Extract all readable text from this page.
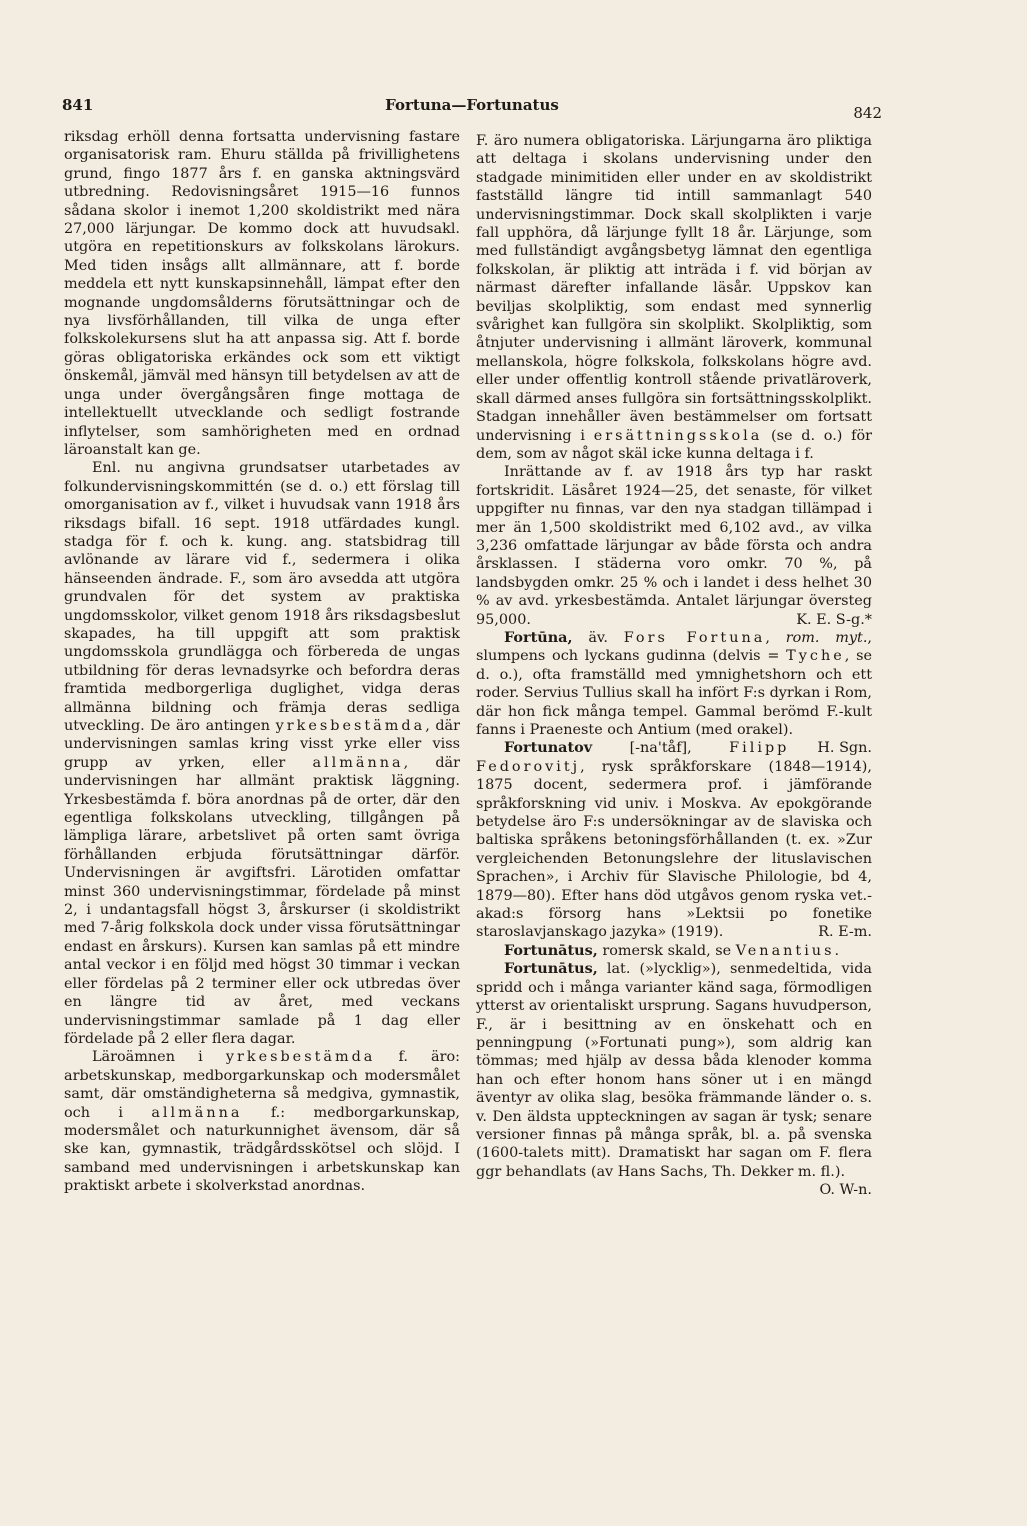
841	Fortuna—Fortunatus	842

riksdag erhöll denna fortsatta undervisning fastare organisatorisk ram. Ehuru ställda på frivillighetens grund, fingo 1877 års f. en ganska aktningsvärd utbredning. Redovisningsåret 1915—16 funnos sådana skolor i inemot 1,200 skoldistrikt med nära 27,000 lärjungar. De kommo dock att huvudsakl. utgöra en repetitionskurs av folkskolans lärokurs. Med tiden insågs allt allmännare, att f. borde meddela ett nytt kunskapsinnehåll, lämpat efter den mognande ungdomsålderns förutsättningar och de nya livsförhållanden, till vilka de unga efter folkskolekursens slut ha att anpassa sig. Att f. borde göras obligatoriska erkändes ock som ett viktigt önskemål, jämväl med hänsyn till betydelsen av att de unga under övergångsåren finge mottaga de intellektuellt utvecklande och sedligt fostrande inflytelser, som samhörigheten med en ordnad läroanstalt kan ge.

Enl. nu angivna grundsatser utarbetades av folkundervisningskommittén (se d. o.) ett förslag till omorganisation av f., vilket i huvudsak vann 1918 års riksdags bifall. 16 sept. 1918 utfärdades kungl. stadga för f. och k. kung. ang. statsbidrag till avlönande av lärare vid f., sedermera i olika hänseenden ändrade. F., som äro avsedda att utgöra grundvalen för det system av praktiska ungdomsskolor, vilket genom 1918 års riksdagsbeslut skapades, ha till uppgift att som praktisk ungdomsskola grundlägga och förbereda de ungas utbildning för deras levnadsyrke och befordra deras framtida medborgerliga duglighet, vidga deras allmänna bildning och främja deras sedliga utveckling. De äro antingen yrkesbestämda, där undervisningen samlas kring visst yrke eller viss grupp av yrken, eller allmänna, där undervisningen har allmänt praktisk läggning. Yrkesbestämda f. böra anordnas på de orter, där den egentliga folkskolans utveckling, tillgången på lämpliga lärare, arbetslivet på orten samt övriga förhållanden erbjuda förutsättningar därför. Undervisningen är avgiftsfri. Lärotiden omfattar minst 360 undervisningstimmar, fördelade på minst 2, i undantagsfall högst 3, årskurser (i skoldistrikt med 7-årig folkskola dock under vissa förutsättningar endast en årskurs). Kursen kan samlas på ett mindre antal veckor i en följd med högst 30 timmar i veckan eller fördelas på 2 terminer eller ock utbredas över en längre tid av året, med veckans undervisningstimmar samlade på 1 dag eller fördelade på 2 eller flera dagar.

Läroämnen i yrkesbestämda f. äro: arbetskunskap, medborgarkunskap och modersmålet samt, där omständigheterna så medgiva, gymnastik, och i allmänna f.: medborgarkunskap, modersmålet och naturkunnighet ävensom, där så ske kan, gymnastik, trädgårdsskötsel och slöjd. I samband med undervisningen i arbetskunskap kan praktiskt arbete i skolverkstad anordnas.

F. äro numera obligatoriska. Lärjungarna äro pliktiga att deltaga i skolans undervisning under den stadgade minimitiden eller under en av skoldistrikt fastställd längre tid intill sammanlagt 540 undervisningstimmar. Dock skall skolplikten i varje fall upphöra, då lärjunge fyllt 18 år. Lärjunge, som med fullständigt avgångsbetyg lämnat den egentliga folkskolan, är pliktig att inträda i f. vid början av närmast därefter infallande läsår. Uppskov kan beviljas skolpliktig, som endast med synnerlig svårighet kan fullgöra sin skolplikt. Skolpliktig, som åtnjuter undervisning i allmänt läroverk, kommunal mellanskola, högre folkskola, folkskolans högre avd. eller under offentlig kontroll stående privatläroverk, skall därmed anses fullgöra sin fortsättningsskolplikt. Stadgan innehåller även bestämmelser om fortsatt undervisning i ersättningsskola (se d. o.) för dem, som av något skäl icke kunna deltaga i f.

Inrättande av f. av 1918 års typ har raskt fortskridit. Läsåret 1924—25, det senaste, för vilket uppgifter nu finnas, var den nya stadgan tillämpad i mer än 1,500 skoldistrikt med 6,102 avd., av vilka 3,236 omfattade lärjungar av både första och andra årsklassen. I städerna voro omkr. 70 %, på landsbygden omkr. 25 % och i landet i dess helhet 30 % av avd. yrkesbestämda. Antalet lärjungar översteg 95,000.	K. E. S-g.*

Fortūna, äv. Fors Fortuna, rom. myt., slumpens och lyckans gudinna (delvis = Tyche, se d. o.), ofta framställd med ymnighetshorn och ett roder. Servius Tullius skall ha infört F:s dyrkan i Rom, där hon fick många tempel. Gammal berömd F.-kult fanns i Praeneste och Antium (med orakel).
H. Sgn.

Fortunatov	[-na'tåf],	Filipp Fedorovitj, rysk språkforskare (1848—1914), 1875 docent, sedermera prof. i jämförande språkforskning vid univ. i Moskva. Av epokgörande betydelse äro F:s undersökningar av de slaviska och baltiska språkens betoningsförhållanden (t. ex. »Zur vergleichenden Betonungslehre der lituslavischen Sprachen», i Archiv für Slavische Philologie, bd 4, 1879—80). Efter hans död utgåvos genom ryska vet.-akad:s försorg hans »Lektsii po fonetike staroslavjanskago jazyka» (1919).	R. E-m.

Fortunātus, romersk skald, se Venantius.

Fortunātus, lat. (»lycklig»), senmedeltida, vida spridd och i många varianter känd saga, förmodligen ytterst av orientaliskt ursprung. Sagans huvudperson, F., är i besittning av en önskehatt och en penningpung (»Fortunati pung»), som aldrig kan tömmas; med hjälp av dessa båda klenoder komma han och efter honom hans söner ut i en mängd äventyr av olika slag, besöka främmande länder o. s. v. Den äldsta uppteckningen av sagan är tysk; senare versioner finnas på många språk, bl. a. på svenska (1600-talets mitt). Dramatiskt har sagan om F. flera ggr behandlats (av Hans Sachs, Th. Dekker m. fl.).
O. W-n.
